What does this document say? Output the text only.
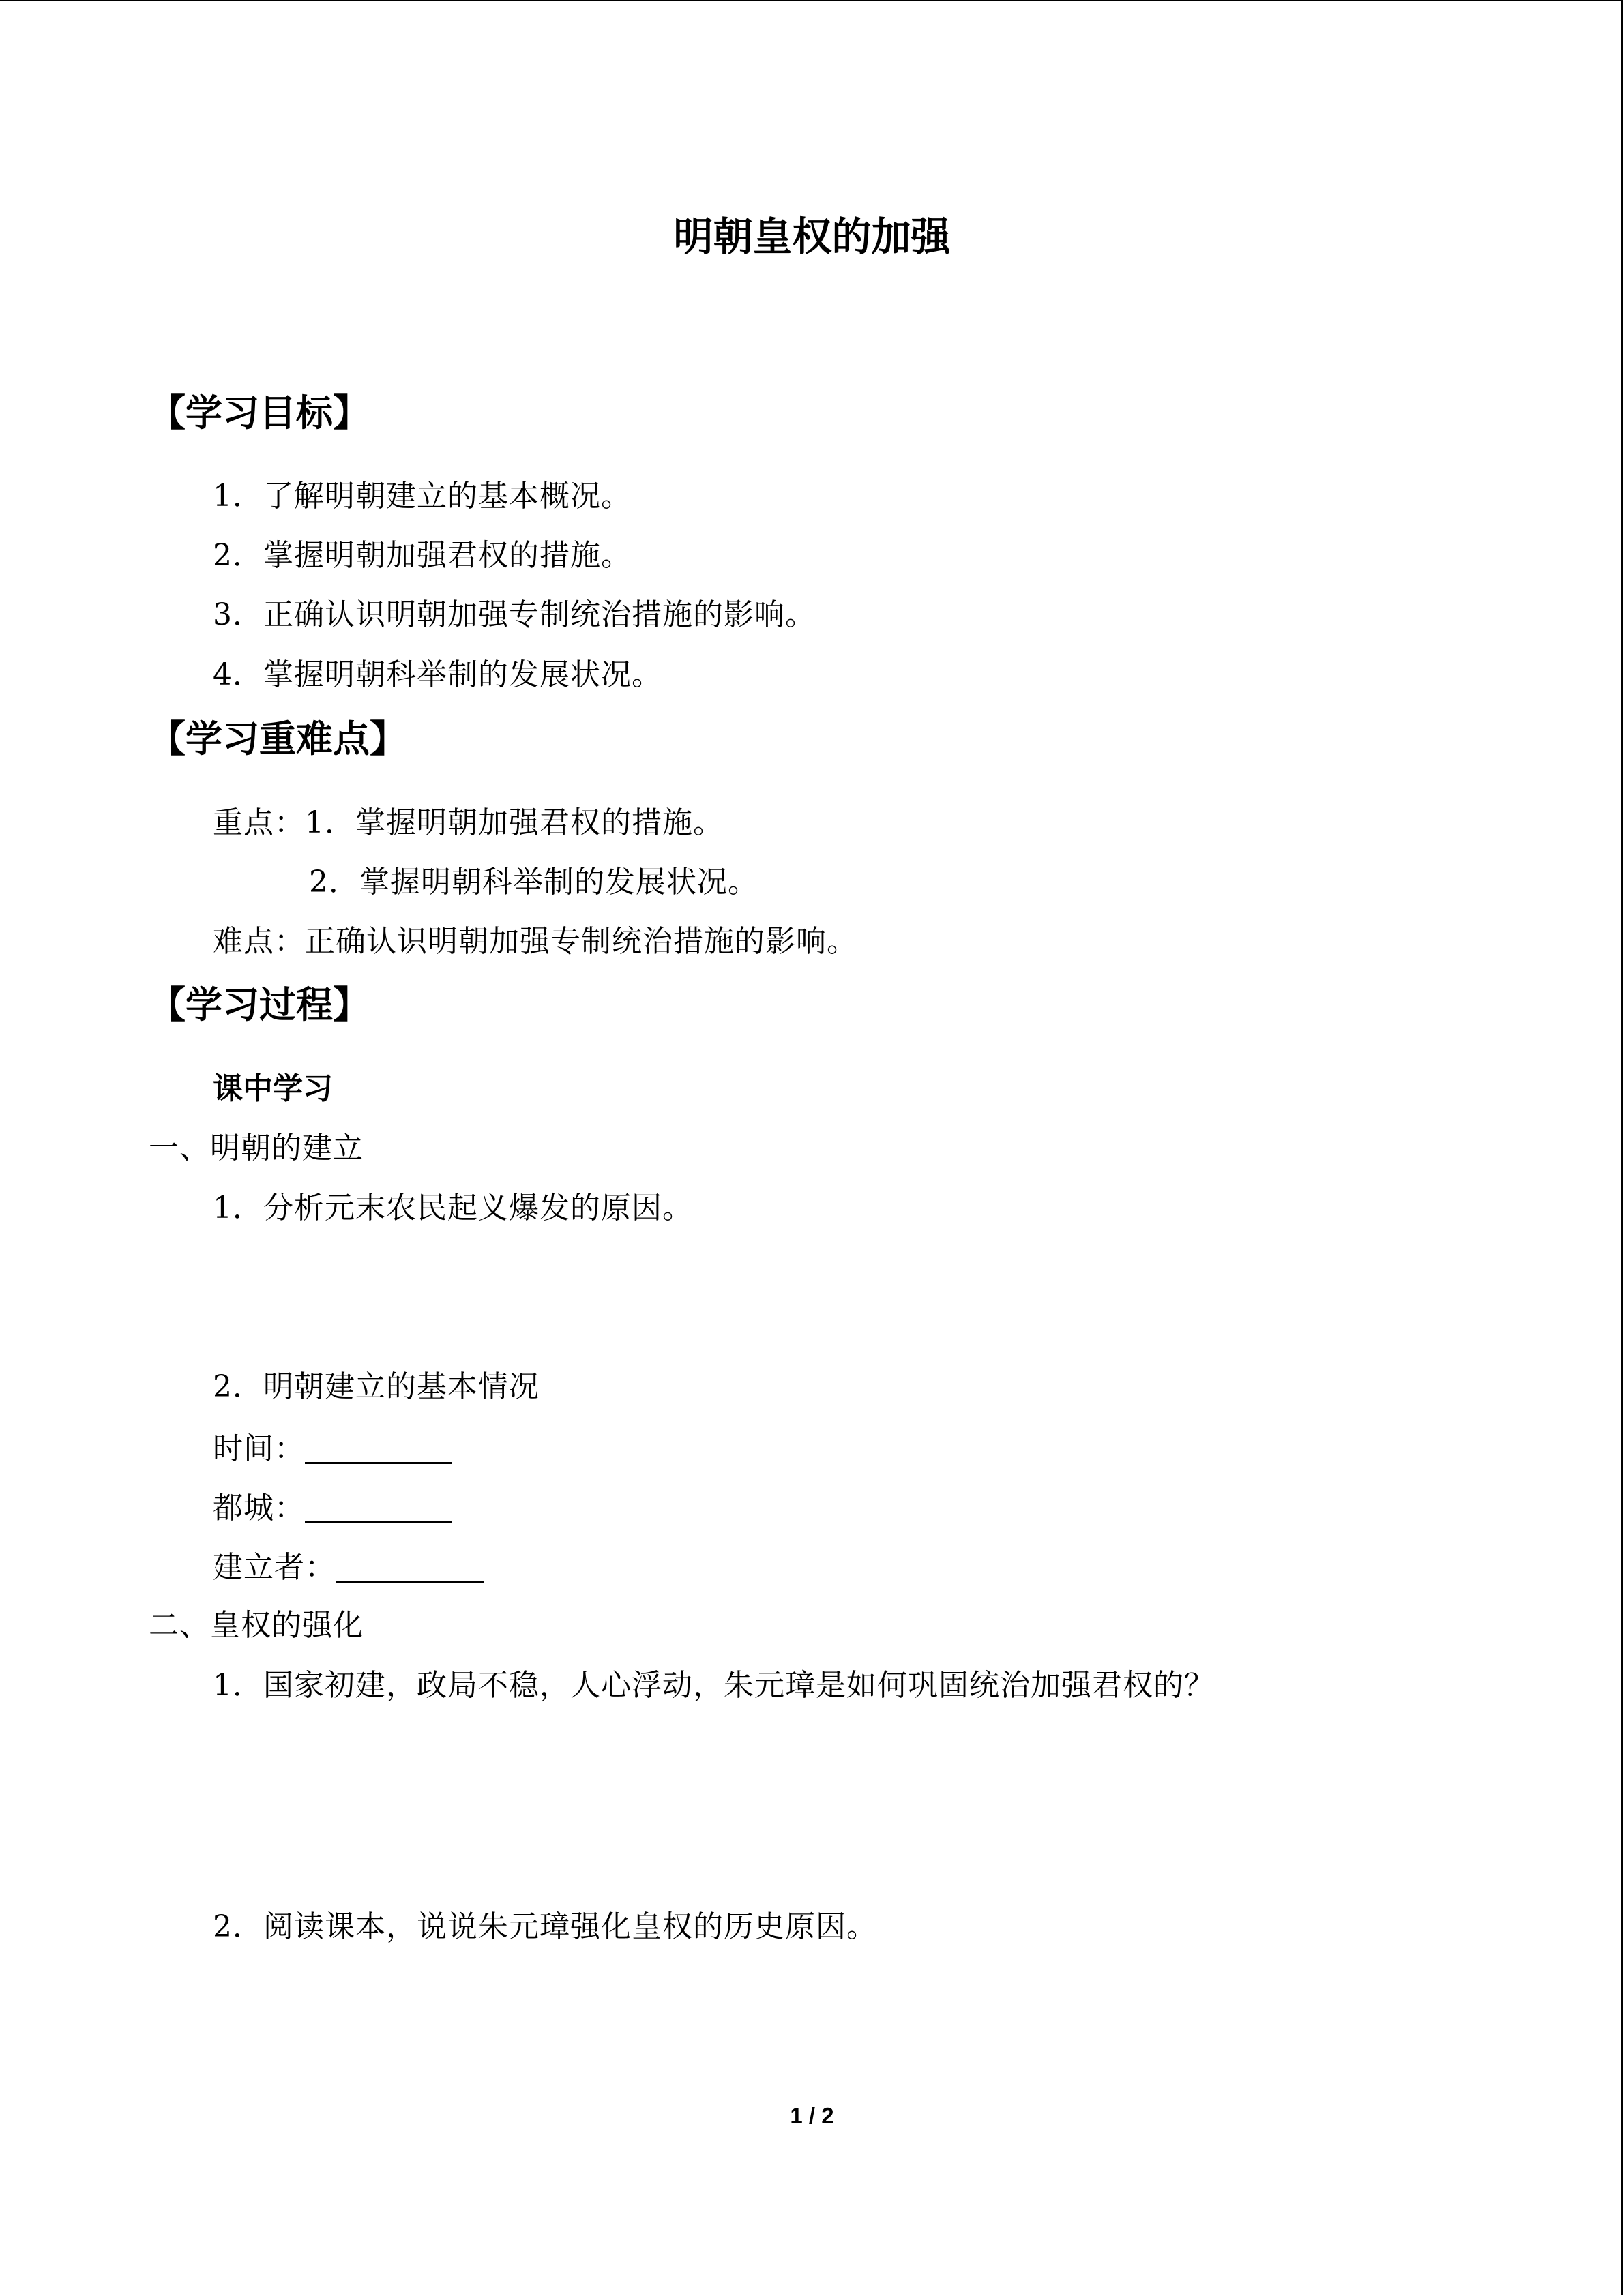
明朝皇权的加强
【学习目标】
1．了解明朝建立的基本概况。
2．掌握明朝加强君权的措施。
3．正确认识明朝加强专制统治措施的影响。
4．掌握明朝科举制的发展状况。
【学习重难点】
重点：1．掌握明朝加强君权的措施。
2．掌握明朝科举制的发展状况。
难点：正确认识明朝加强专制统治措施的影响。
【学习过程】
课中学习
一、明朝的建立
1．分析元末农民起义爆发的原因。
2．明朝建立的基本情况
时间：
都城：
建立者：
二、皇权的强化
1．国家初建，政局不稳，人心浮动，朱元璋是如何巩固统治加强君权的？
2．阅读课本，说说朱元璋强化皇权的历史原因。
1 / 2
